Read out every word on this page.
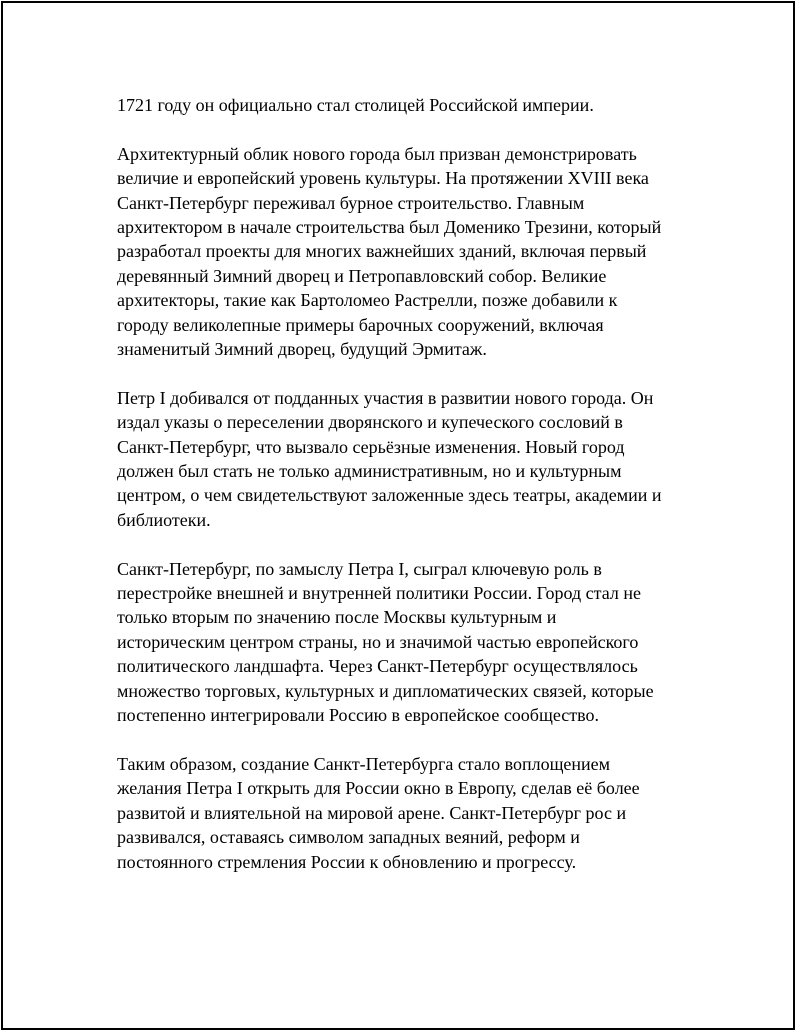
1721 году он официально стал столицей Российской империи.

Архитектурный облик нового города был призван демонстрировать
величие и европейский уровень культуры. На протяжении XVIII века
Санкт-Петербург переживал бурное строительство. Главным
архитектором в начале строительства был Доменико Трезини, который
разработал проекты для многих важнейших зданий, включая первый
деревянный Зимний дворец и Петропавловский собор. Великие
архитекторы, такие как Бартоломео Растрелли, позже добавили к
городу великолепные примеры барочных сооружений, включая
знаменитый Зимний дворец, будущий Эрмитаж.

Петр I добивался от подданных участия в развитии нового города. Он
издал указы о переселении дворянского и купеческого сословий в
Санкт-Петербург, что вызвало серьёзные изменения. Новый город
должен был стать не только административным, но и культурным
центром, о чем свидетельствуют заложенные здесь театры, академии и
библиотеки.

Санкт-Петербург, по замыслу Петра I, сыграл ключевую роль в
перестройке внешней и внутренней политики России. Город стал не
только вторым по значению после Москвы культурным и
историческим центром страны, но и значимой частью европейского
политического ландшафта. Через Санкт-Петербург осуществлялось
множество торговых, культурных и дипломатических связей, которые
постепенно интегрировали Россию в европейское сообщество.

Таким образом, создание Санкт-Петербурга стало воплощением
желания Петра I открыть для России окно в Европу, сделав её более
развитой и влиятельной на мировой арене. Санкт-Петербург рос и
развивался, оставаясь символом западных веяний, реформ и
постоянного стремления России к обновлению и прогрессу.
